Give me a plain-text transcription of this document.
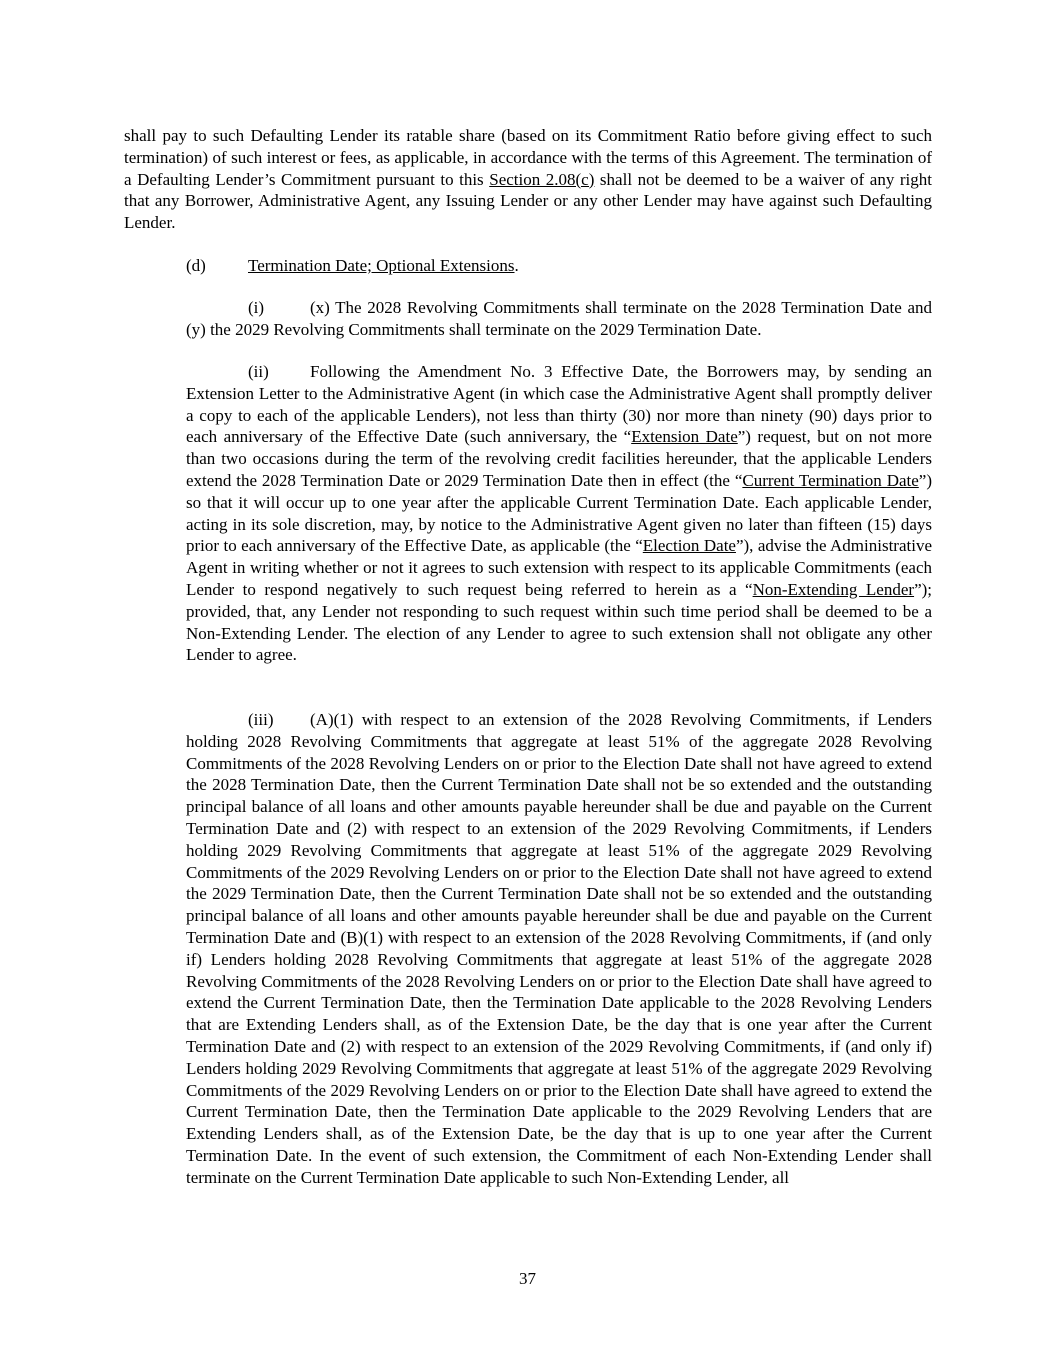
shall pay to such Defaulting Lender its ratable share (based on its Commitment Ratio before giving effect to such termination) of such interest or fees, as applicable, in accordance with the terms of this Agreement. The termination of a Defaulting Lender’s Commitment pursuant to this Section 2.08(c) shall not be deemed to be a waiver of any right that any Borrower, Administrative Agent, any Issuing Lender or any other Lender may have against such Defaulting Lender.
(d) Termination Date; Optional Extensions.
(i)	(x) The 2028 Revolving Commitments shall terminate on the 2028 Termination Date and (y) the 2029 Revolving Commitments shall terminate on the 2029 Termination Date.
(ii) Following the Amendment No. 3 Effective Date, the Borrowers may, by sending an Extension Letter to the Administrative Agent (in which case the Administrative Agent shall promptly deliver a copy to each of the applicable Lenders), not less than thirty (30) nor more than ninety (90) days prior to each anniversary of the Effective Date (such anniversary, the “Extension Date”) request, but on not more than two occasions during the term of the revolving credit facilities hereunder, that the applicable Lenders extend the 2028 Termination Date or 2029 Termination Date then in effect (the “Current Termination Date”) so that it will occur up to one year after the applicable Current Termination Date. Each applicable Lender, acting in its sole discretion, may, by notice to the Administrative Agent given no later than fifteen (15) days prior to each anniversary of the Effective Date, as applicable (the “Election Date”), advise the Administrative Agent in writing whether or not it agrees to such extension with respect to its applicable Commitments (each Lender to respond negatively to such request being referred to herein as a “Non-Extending Lender”); provided, that, any Lender not responding to such request within such time period shall be deemed to be a Non-Extending Lender. The election of any Lender to agree to such extension shall not obligate any other Lender to agree.
(iii) (A)(1) with respect to an extension of the 2028 Revolving Commitments, if Lenders holding 2028 Revolving Commitments that aggregate at least 51% of the aggregate 2028 Revolving Commitments of the 2028 Revolving Lenders on or prior to the Election Date shall not have agreed to extend the 2028 Termination Date, then the Current Termination Date shall not be so extended and the outstanding principal balance of all loans and other amounts payable hereunder shall be due and payable on the Current Termination Date and (2) with respect to an extension of the 2029 Revolving Commitments, if Lenders holding 2029 Revolving Commitments that aggregate at least 51% of the aggregate 2029 Revolving Commitments of the 2029 Revolving Lenders on or prior to the Election Date shall not have agreed to extend the 2029 Termination Date, then the Current Termination Date shall not be so extended and the outstanding principal balance of all loans and other amounts payable hereunder shall be due and payable on the Current Termination Date and (B)(1) with respect to an extension of the 2028 Revolving Commitments, if (and only if) Lenders holding 2028 Revolving Commitments that aggregate at least 51% of the aggregate 2028 Revolving Commitments of the 2028 Revolving Lenders on or prior to the Election Date shall have agreed to extend the Current Termination Date, then the Termination Date applicable to the 2028 Revolving Lenders that are Extending Lenders shall, as of the Extension Date, be the day that is one year after the Current Termination Date and (2) with respect to an extension of the 2029 Revolving Commitments, if (and only if) Lenders holding 2029 Revolving Commitments that aggregate at least 51% of the aggregate 2029 Revolving Commitments of the 2029 Revolving Lenders on or prior to the Election Date shall have agreed to extend the Current Termination Date, then the Termination Date applicable to the 2029 Revolving Lenders that are Extending Lenders shall, as of the Extension Date, be the day that is up to one year after the Current Termination Date. In the event of such extension, the Commitment of each Non-Extending Lender shall terminate on the Current Termination Date applicable to such Non-Extending Lender, all
37
